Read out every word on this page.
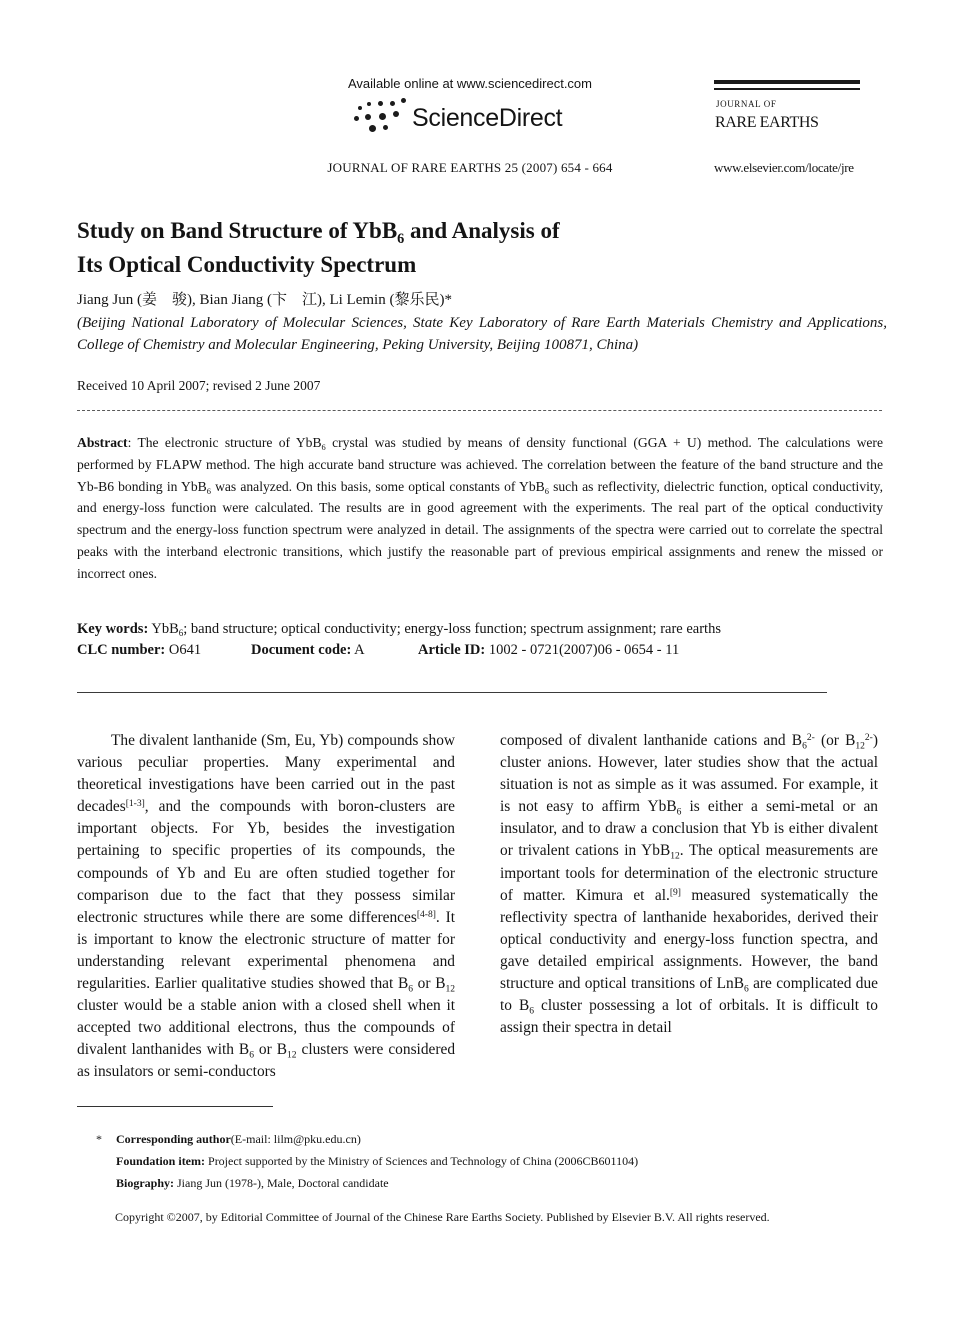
Available online at www.sciencedirect.com
ScienceDirect
JOURNAL OF RARE EARTHS 25 (2007) 654 - 664
JOURNAL OF
RARE EARTHS
www.elsevier.com/locate/jre
Study on Band Structure of YbB$_6$ and Analysis of
Its Optical Conductivity Spectrum
Jiang Jun (姜　骏), Bian Jiang (卞　江), Li Lemin (黎乐民)*
(Beijing National Laboratory of Molecular Sciences, State Key Laboratory of Rare Earth Materials Chemistry and Applications, College of Chemistry and Molecular Engineering, Peking University, Beijing 100871, China)
Received 10 April 2007; revised 2 June 2007
Abstract: The electronic structure of YbB$_6$ crystal was studied by means of density functional (GGA + U) method. The calculations were performed by FLAPW method. The high accurate band structure was achieved. The correlation between the feature of the band structure and the Yb-B6 bonding in YbB$_6$ was analyzed. On this basis, some optical constants of YbB$_6$ such as reflectivity, dielectric function, optical conductivity, and energy-loss function were calculated. The results are in good agreement with the experiments. The real part of the optical conductivity spectrum and the energy-loss function spectrum were analyzed in detail. The assignments of the spectra were carried out to correlate the spectral peaks with the interband electronic transitions, which justify the reasonable part of previous empirical assignments and renew the missed or incorrect ones.
Key words: YbB$_6$; band structure; optical conductivity; energy-loss function; spectrum assignment; rare earths
CLC number: O641	Document code: A	Article ID: 1002 - 0721(2007)06 - 0654 - 11

The divalent lanthanide (Sm, Eu, Yb) compounds show various peculiar properties. Many experimental and theoretical investigations have been carried out in the past decades[1-3], and the compounds with boron-clusters are important objects. For Yb, besides the investigation pertaining to specific properties of its compounds, the compounds of Yb and Eu are often studied together for comparison due to the fact that they possess similar electronic structures while there are some differences[4-8]. It is important to know the electronic structure of matter for understanding relevant experimental phenomena and regularities. Earlier qualitative studies showed that $B_6$ or $B_{12}$ cluster would be a stable anion with a closed shell when it accepted two additional electrons, thus the compounds of divalent lanthanides with $B_6$ or $B_{12}$ clusters were considered as insulators or semi-conductors

composed of divalent lanthanide cations and $B_6^{2-}$ (or $B_{12}^{2-}$) cluster anions. However, later studies show that the actual situation is not as simple as it was assumed. For example, it is not easy to affirm YbB$_6$ is either a semi-metal or an insulator, and to draw a conclusion that Yb is either divalent or trivalent cations in YbB$_{12}$. The optical measurements are important tools for determination of the electronic structure of matter. Kimura et al.[9] measured systematically the reflectivity spectra of lanthanide hexaborides, derived their optical conductivity and energy-loss function spectra, and gave detailed empirical assignments. However, the band structure and optical transitions of LnB$_6$ are complicated due to $B_6$ cluster possessing a lot of orbitals. It is difficult to assign their spectra in detail

* Corresponding author(E-mail: lilm@pku.edu.cn)
Foundation item: Project supported by the Ministry of Sciences and Technology of China (2006CB601104)
Biography: Jiang Jun (1978-), Male, Doctoral candidate
Copyright ©2007, by Editorial Committee of Journal of the Chinese Rare Earths Society. Published by Elsevier B.V. All rights reserved.
